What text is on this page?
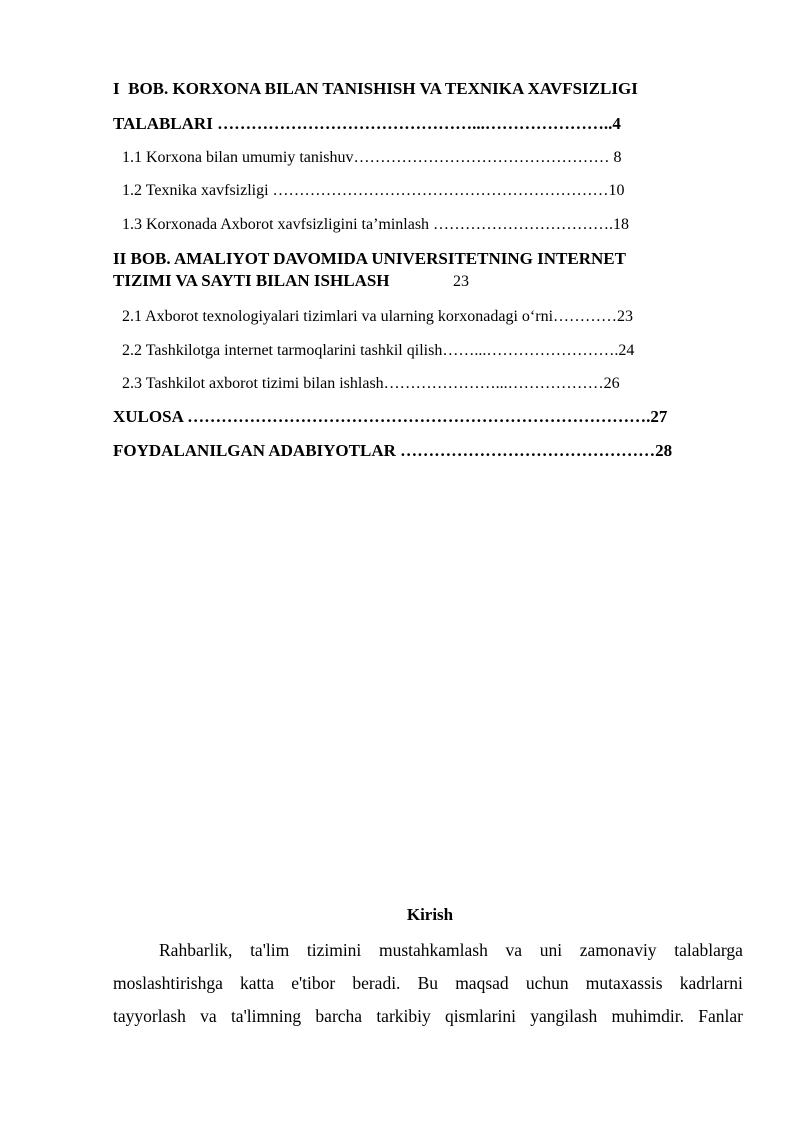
I  BOB. KORXONA BILAN TANISHISH VA TEXNIKA XAVFSIZLIGI
TALABLARI ………………………………………...…………………..4
1.1 Korxona bilan umumiy tanishuv………………………………………… 8
1.2 Texnika xavfsizligi ………………………………………………………10
1.3 Korxonada Axborot xavfsizligini ta’minlash …………………………….18
II BOB. AMALIYOT DAVOMIDA UNIVERSITETNING INTERNET
TIZIMI VA SAYTI BILAN ISHLASH	23
2.1 Axborot texnologiyalari tizimlari va ularning korxonadagi o‘rni…………23
2.2 Tashkilotga internet tarmoqlarini tashkil qilish……...…………………….24
2.3 Tashkilot axborot tizimi bilan ishlash…………………...………………26
XULOSA ……………………………………………………………………….27
FOYDALANILGAN ADABIYOTLAR ………………………………………28
Kirish
Rahbarlik, ta'lim tizimini mustahkamlash va uni zamonaviy talablarga
moslashtirishga katta e'tibor beradi. Bu maqsad uchun mutaxassis kadrlarni
tayyorlash va ta'limning barcha tarkibiy qismlarini yangilash muhimdir. Fanlar
